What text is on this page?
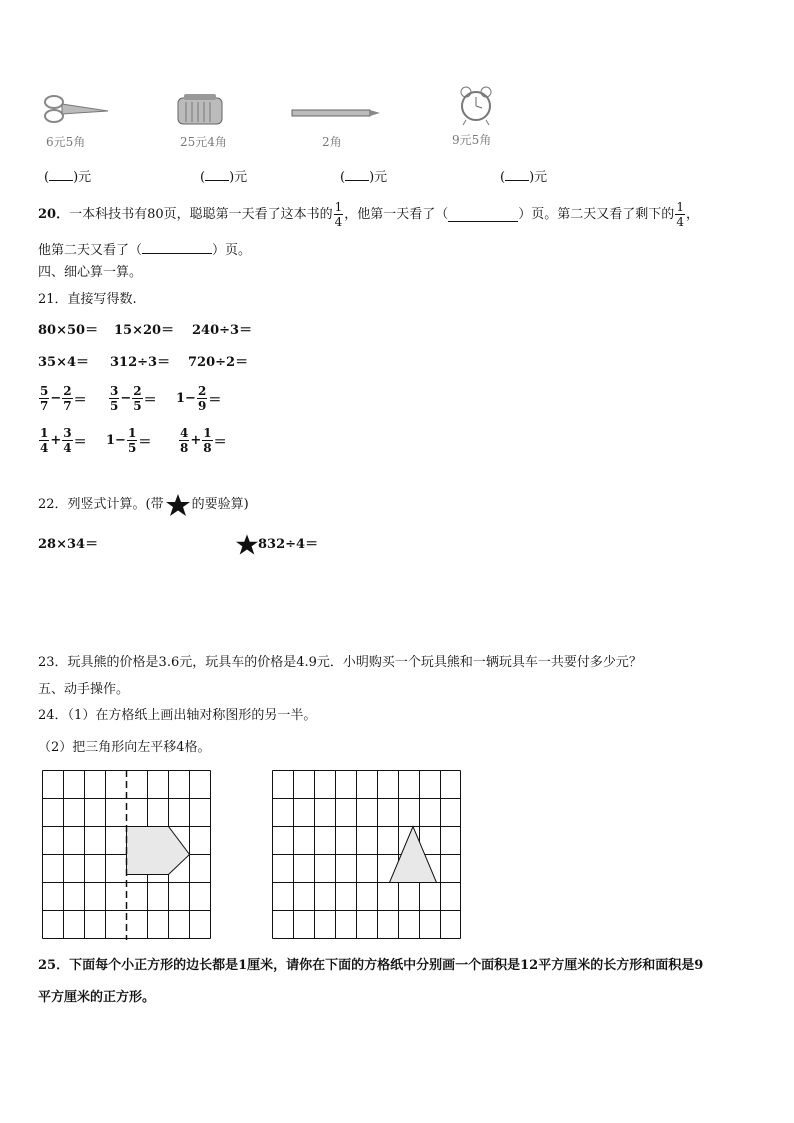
6元5角	25元4角	2角	9元5角
( )元	( )元	( )元	( )元
20． 一本科技书有80页，聪聪第一天看了这本书的 $\frac{1}{4}$ ，他第一天看了（	）页。第二天又看了剩下的 $\frac{1}{4}$ ，
他第二天又看了（	）页。
四、细心算一算。
21．直接写得数.
80×50＝ 15×20＝ 240÷3＝
35×4＝ 312÷3＝ 720÷2＝
$\frac{5}{7} - \frac{2}{7} = \frac{3}{5} - \frac{2}{5} = 1 - \frac{2}{9}$ ＝
$\frac{1}{4} + \frac{3}{4} = 1 - \frac{1}{5} = \frac{4}{8} + \frac{1}{8}$ ＝
22．列竖式计算。(带 的要验算)
28×34＝	832÷4＝
23．玩具熊的价格是3.6元，玩具车的价格是4.9元．小明购买一个玩具熊和一辆玩具车一共要付多少元？
五、动手操作。
24．（1）在方格纸上画出轴对称图形的另一半。
（2）把三角形向左平移4格。
25．下面每个小正方形的边长都是1厘米，请你在下面的方格纸中分别画一个面积是12平方厘米的长方形和面积是9
平方厘米的正方形。
